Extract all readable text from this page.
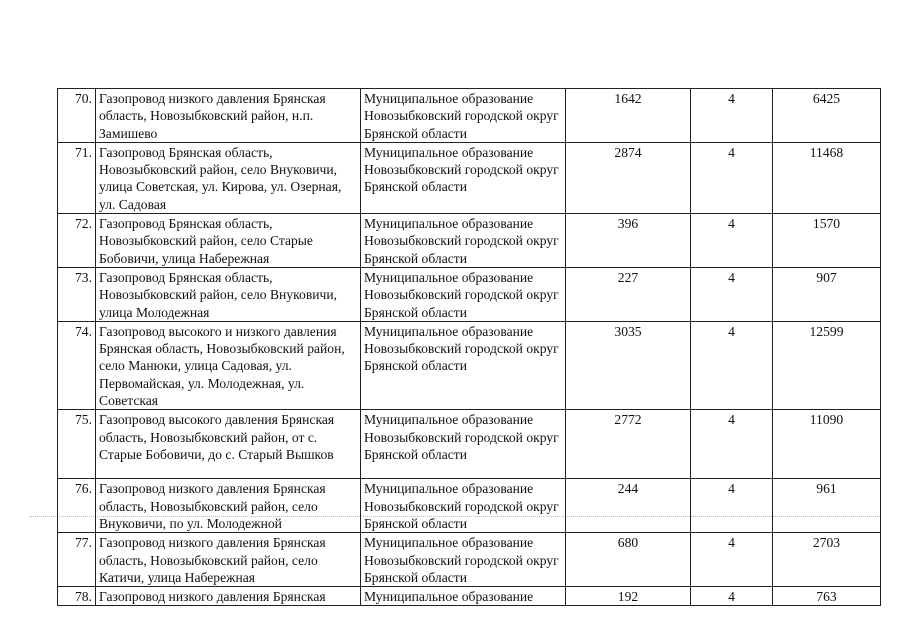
70.	Газопровод низкого давления Брянская область, Новозыбковский район, н.п. Замишево	Муниципальное образование Новозыбковский городской округ Брянской области	1642	4	6425
71.	Газопровод Брянская область, Новозыбковский район, село Внуковичи, улица Советская, ул. Кирова, ул. Озерная, ул. Садовая	Муниципальное образование Новозыбковский городской округ Брянской области	2874	4	11468
72.	Газопровод Брянская область, Новозыбковский район, село Старые Бобовичи, улица Набережная	Муниципальное образование Новозыбковский городской округ Брянской области	396	4	1570
73.	Газопровод Брянская область, Новозыбковский район, село Внуковичи, улица Молодежная	Муниципальное образование Новозыбковский городской округ Брянской области	227	4	907
74.	Газопровод высокого и низкого давления Брянская область, Новозыбковский район, село Манюки, улица Садовая, ул. Первомайская, ул. Молодежная, ул. Советская	Муниципальное образование Новозыбковский городской округ Брянской области	3035	4	12599
75.	Газопровод высокого давления Брянская область, Новозыбковский район, от с. Старые Бобовичи, до с. Старый Вышков	Муниципальное образование Новозыбковский городской округ Брянской области	2772	4	11090
76.	Газопровод низкого давления Брянская область, Новозыбковский район, село Внуковичи, по ул. Молодежной	Муниципальное образование Новозыбковский городской округ Брянской области	244	4	961
77.	Газопровод низкого давления Брянская область, Новозыбковский район, село Катичи, улица Набережная	Муниципальное образование Новозыбковский городской округ Брянской области	680	4	2703
78.	Газопровод низкого давления Брянская	Муниципальное образование	192	4	763
